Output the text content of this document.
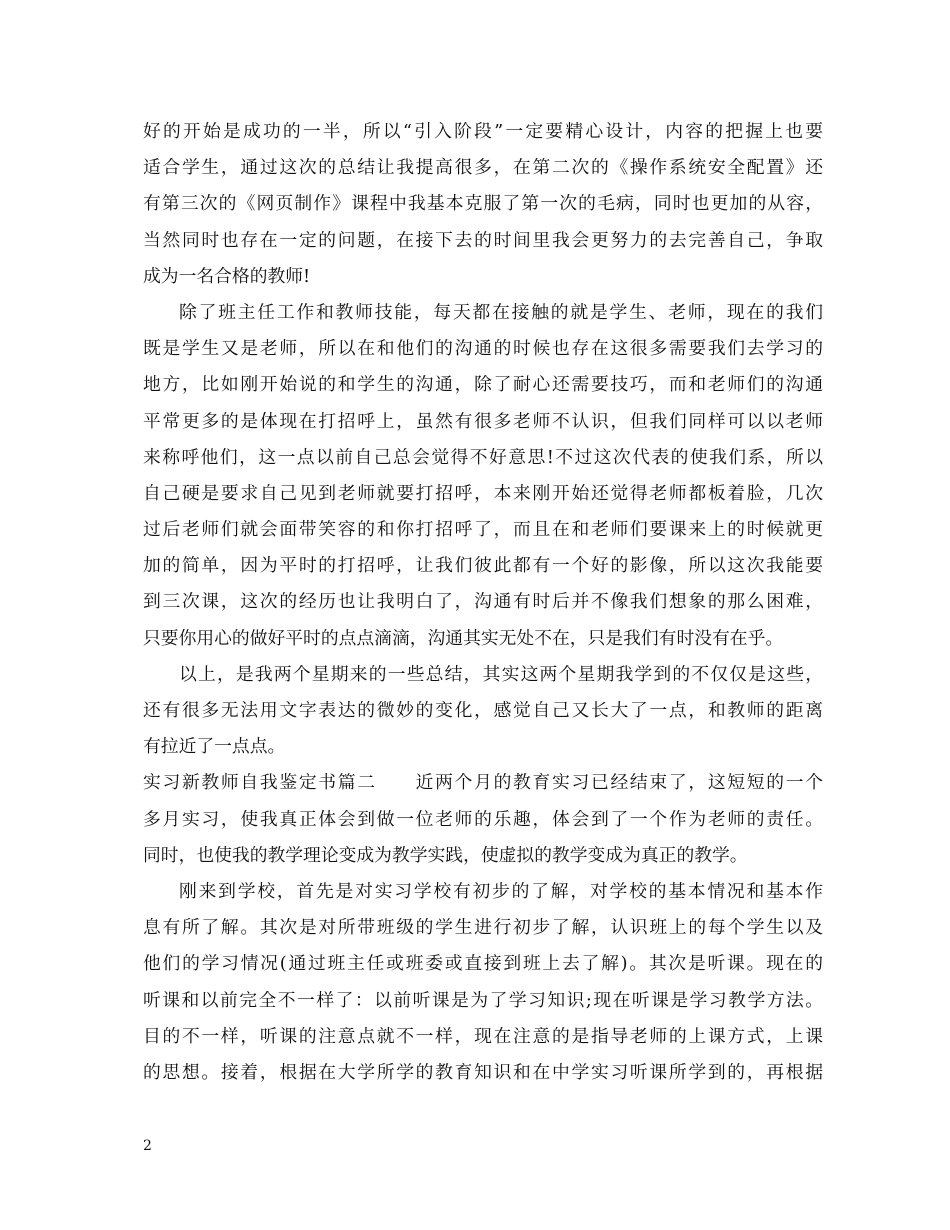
好的开始是成功的一半，所以“引入阶段”一定要精心设计，内容的把握上也要
适合学生，通过这次的总结让我提高很多，在第二次的《操作系统安全配置》还
有第三次的《网页制作》课程中我基本克服了第一次的毛病，同时也更加的从容，
当然同时也存在一定的问题，在接下去的时间里我会更努力的去完善自己，争取
成为一名合格的教师!
除了班主任工作和教师技能，每天都在接触的就是学生、老师，现在的我们
既是学生又是老师，所以在和他们的沟通的时候也存在这很多需要我们去学习的
地方，比如刚开始说的和学生的沟通，除了耐心还需要技巧，而和老师们的沟通
平常更多的是体现在打招呼上，虽然有很多老师不认识，但我们同样可以以老师
来称呼他们，这一点以前自己总会觉得不好意思!不过这次代表的使我们系，所以
自己硬是要求自己见到老师就要打招呼，本来刚开始还觉得老师都板着脸，几次
过后老师们就会面带笑容的和你打招呼了，而且在和老师们要课来上的时候就更
加的简单，因为平时的打招呼，让我们彼此都有一个好的影像，所以这次我能要
到三次课，这次的经历也让我明白了，沟通有时后并不像我们想象的那么困难，
只要你用心的做好平时的点点滴滴，沟通其实无处不在，只是我们有时没有在乎。
以上，是我两个星期来的一些总结，其实这两个星期我学到的不仅仅是这些，
还有很多无法用文字表达的微妙的变化，感觉自己又长大了一点，和教师的距离
有拉近了一点点。
实习新教师自我鉴定书篇二　　近两个月的教育实习已经结束了，这短短的一个
多月实习，使我真正体会到做一位老师的乐趣，体会到了一个作为老师的责任。
同时，也使我的教学理论变成为教学实践，使虚拟的教学变成为真正的教学。
刚来到学校，首先是对实习学校有初步的了解，对学校的基本情况和基本作
息有所了解。其次是对所带班级的学生进行初步了解，认识班上的每个学生以及
他们的学习情况(通过班主任或班委或直接到班上去了解)。其次是听课。现在的
听课和以前完全不一样了：以前听课是为了学习知识;现在听课是学习教学方法。
目的不一样，听课的注意点就不一样，现在注意的是指导老师的上课方式，上课
的思想。接着，根据在大学所学的教育知识和在中学实习听课所学到的，再根据
2
